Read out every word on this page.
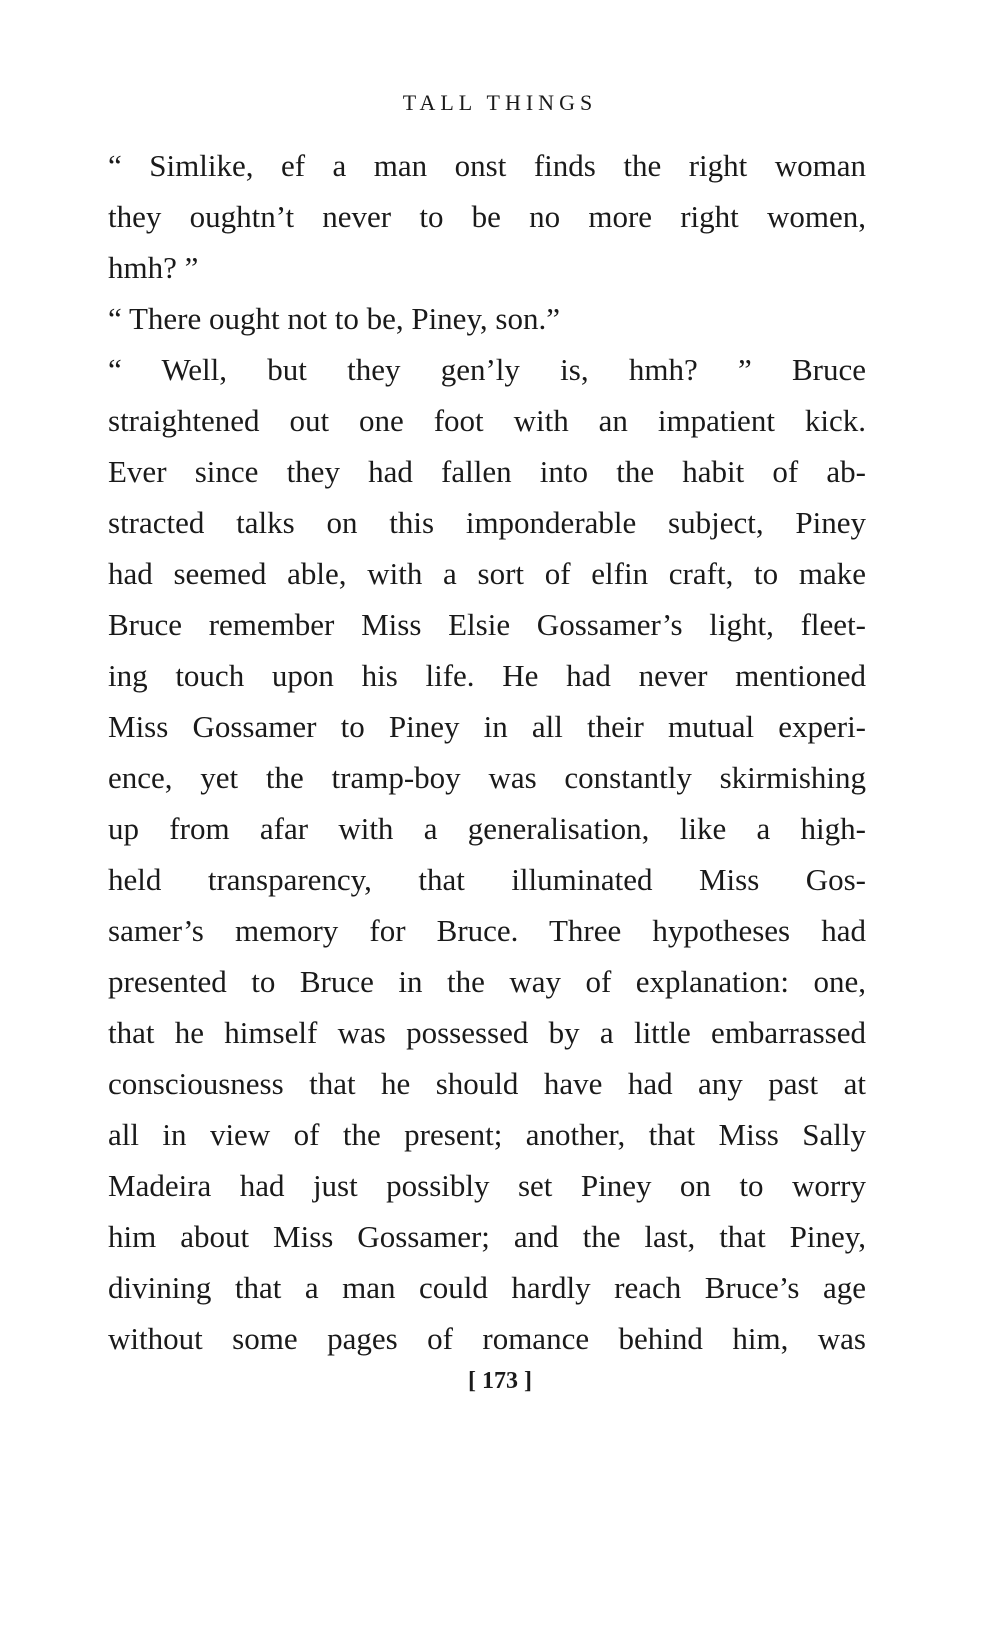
TALL THINGS
“ Simlike, ef a man onst finds the right woman
they oughtn’t never to be no more right women,
hmh? ”
“ There ought not to be, Piney, son.”
“ Well, but they gen’ly is, hmh? ” Bruce
straightened out one foot with an impatient kick.
Ever since they had fallen into the habit of ab-
stracted talks on this imponderable subject, Piney
had seemed able, with a sort of elfin craft, to make
Bruce remember Miss Elsie Gossamer’s light, fleet-
ing touch upon his life. He had never mentioned
Miss Gossamer to Piney in all their mutual experi-
ence, yet the tramp-boy was constantly skirmishing
up from afar with a generalisation, like a high-
held transparency, that illuminated Miss Gos-
samer’s memory for Bruce. Three hypotheses had
presented to Bruce in the way of explanation: one,
that he himself was possessed by a little embarrassed
consciousness that he should have had any past at
all in view of the present; another, that Miss Sally
Madeira had just possibly set Piney on to worry
him about Miss Gossamer; and the last, that Piney,
divining that a man could hardly reach Bruce’s age
without some pages of romance behind him, was
[ 173 ]
